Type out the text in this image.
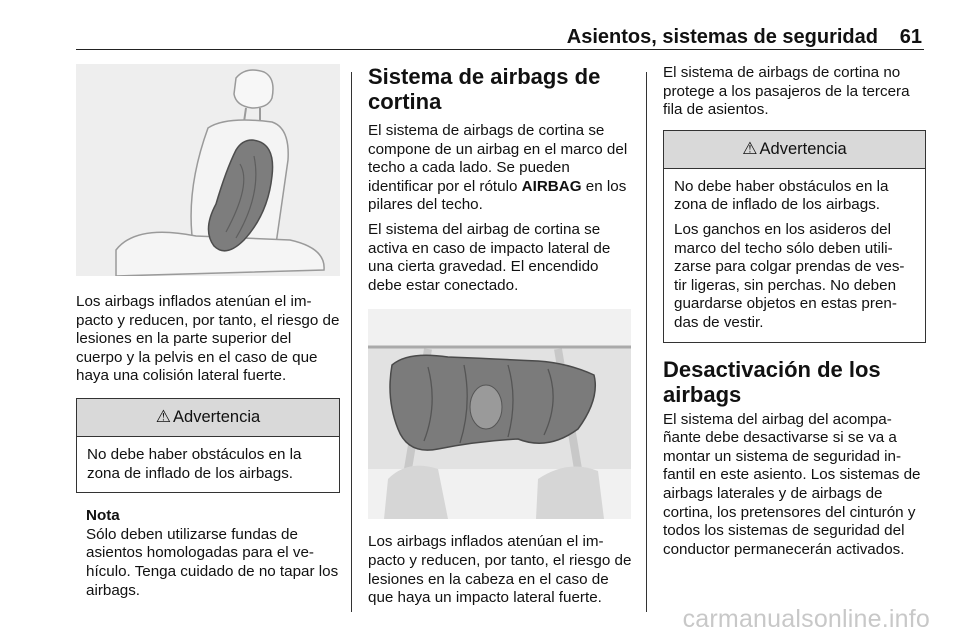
Asientos, sistemas de seguridad 61

Los airbags inflados atenúan el im-pacto y reducen, por tanto, el riesgo de lesiones en la parte superior del cuerpo y la pelvis en el caso de que haya una colisión lateral fuerte.

⚠ Advertencia

No debe haber obstáculos en la zona de inflado de los airbags.

Nota

Sólo deben utilizarse fundas de asientos homologadas para el ve-hículo. Tenga cuidado de no tapar los airbags.

Sistema de airbags de cortina

El sistema de airbags de cortina se compone de un airbag en el marco del techo a cada lado. Se pueden identificar por el rótulo AIRBAG en los pilares del techo.

El sistema del airbag de cortina se activa en caso de impacto lateral de una cierta gravedad. El encendido debe estar conectado.

Los airbags inflados atenúan el im-pacto y reducen, por tanto, el riesgo de lesiones en la cabeza en el caso de que haya un impacto lateral fuerte.

El sistema de airbags de cortina no protege a los pasajeros de la tercera fila de asientos.

⚠ Advertencia

No debe haber obstáculos en la zona de inflado de los airbags.

Los ganchos en los asideros del marco del techo sólo deben utili-zarse para colgar prendas de ves-tir ligeras, sin perchas. No deben guardarse objetos en estas pren-das de vestir.

Desactivación de los airbags

El sistema del airbag del acompa-ñante debe desactivarse si se va a montar un sistema de seguridad in-fantil en este asiento. Los sistemas de airbags laterales y de airbags de cortina, los pretensores del cinturón y todos los sistemas de seguridad del conductor permanecerán activados.

carmanualsonline.info
